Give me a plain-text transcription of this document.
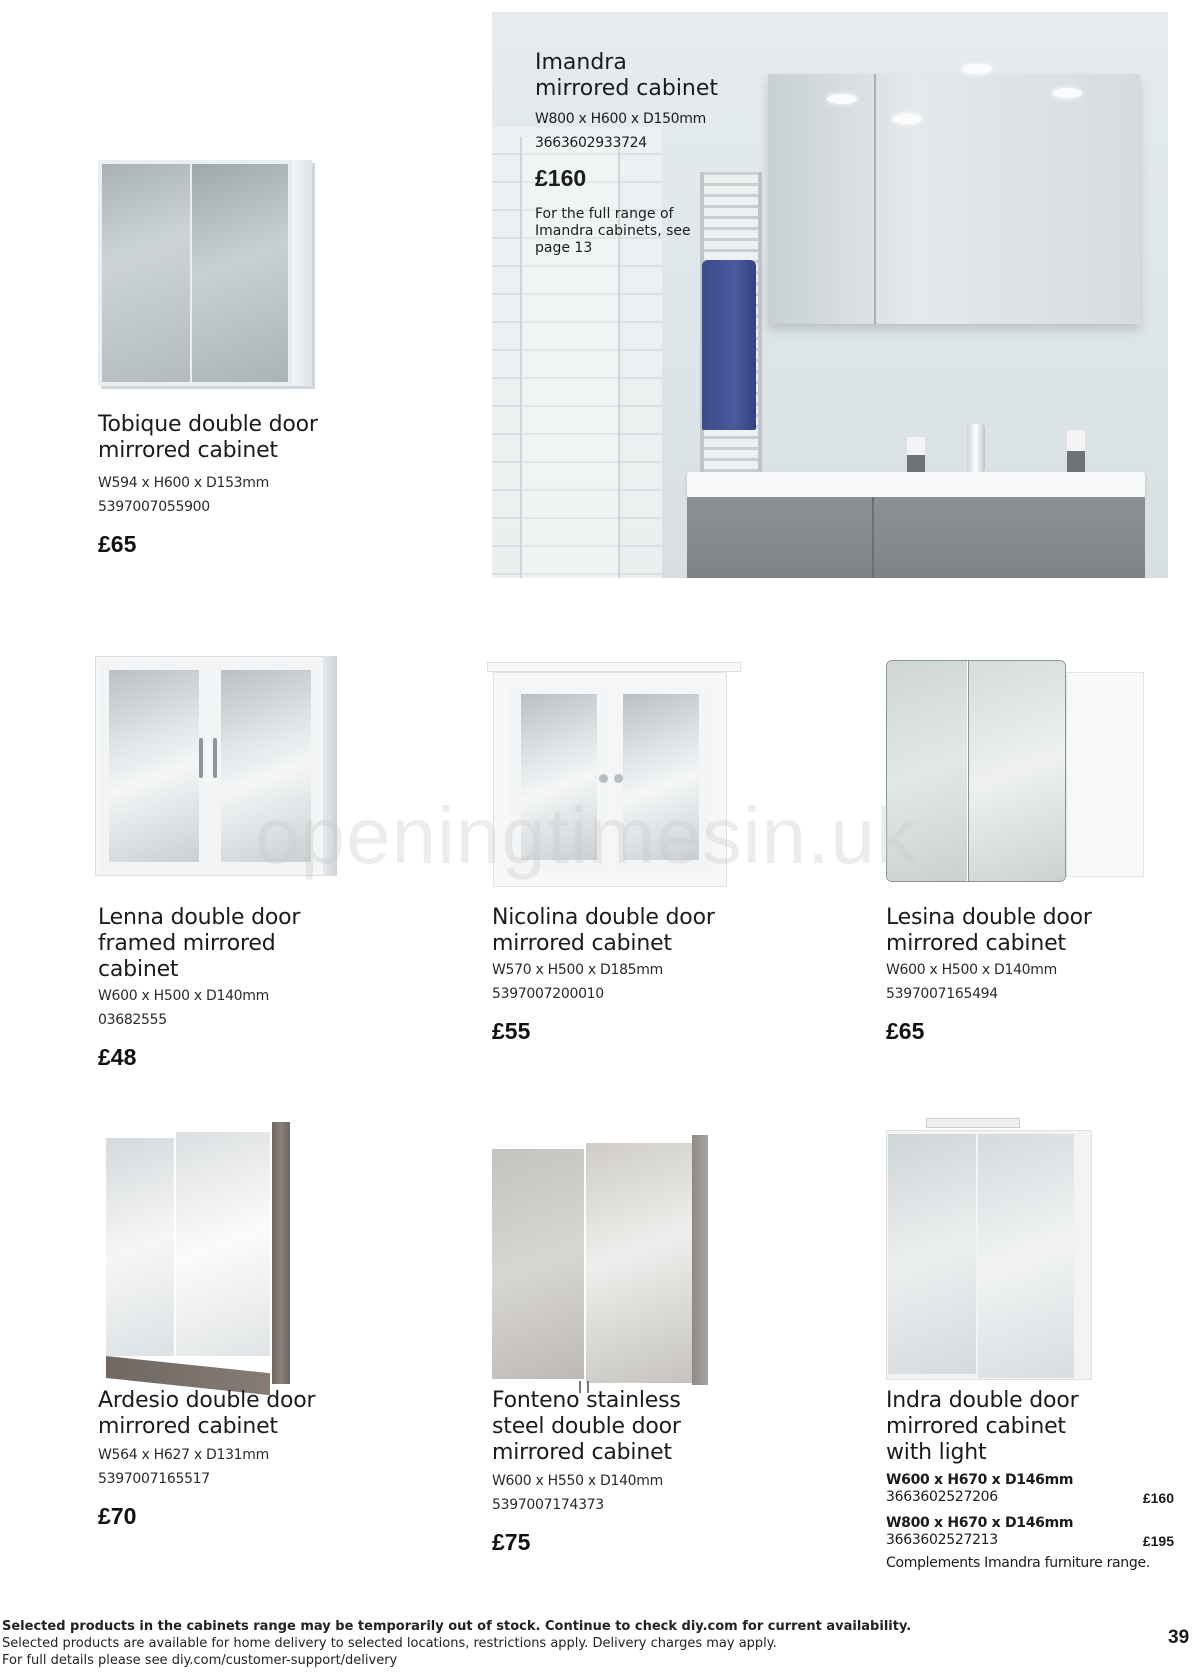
Tobique double door mirrored cabinet
W594 x H600 x D153mm
5397007055900
£65
Imandra
mirrored cabinet
W800 x H600 x D150mm
3663602933724
£160
For the full range of Imandra cabinets, see page 13
openingtimesin.uk
Lenna double door framed mirrored cabinet
W600 x H500 x D140mm
03682555
£48
Nicolina double door mirrored cabinet
W570 x H500 x D185mm
5397007200010
£55
Lesina double door mirrored cabinet
W600 x H500 x D140mm
5397007165494
£65
Ardesio double door mirrored cabinet
W564 x H627 x D131mm
5397007165517
£70
Fonteno stainless steel double door mirrored cabinet
W600 x H550 x D140mm
5397007174373
£75
Indra double door mirrored cabinet with light
W600 x H670 x D146mm
3663602527206	£160
W800 x H670 x D146mm
3663602527213	£195
Complements Imandra furniture range.
Selected products in the cabinets range may be temporarily out of stock. Continue to check diy.com for current availability.
Selected products are available for home delivery to selected locations, restrictions apply. Delivery charges may apply.
For full details please see diy.com/customer-support/delivery
39
